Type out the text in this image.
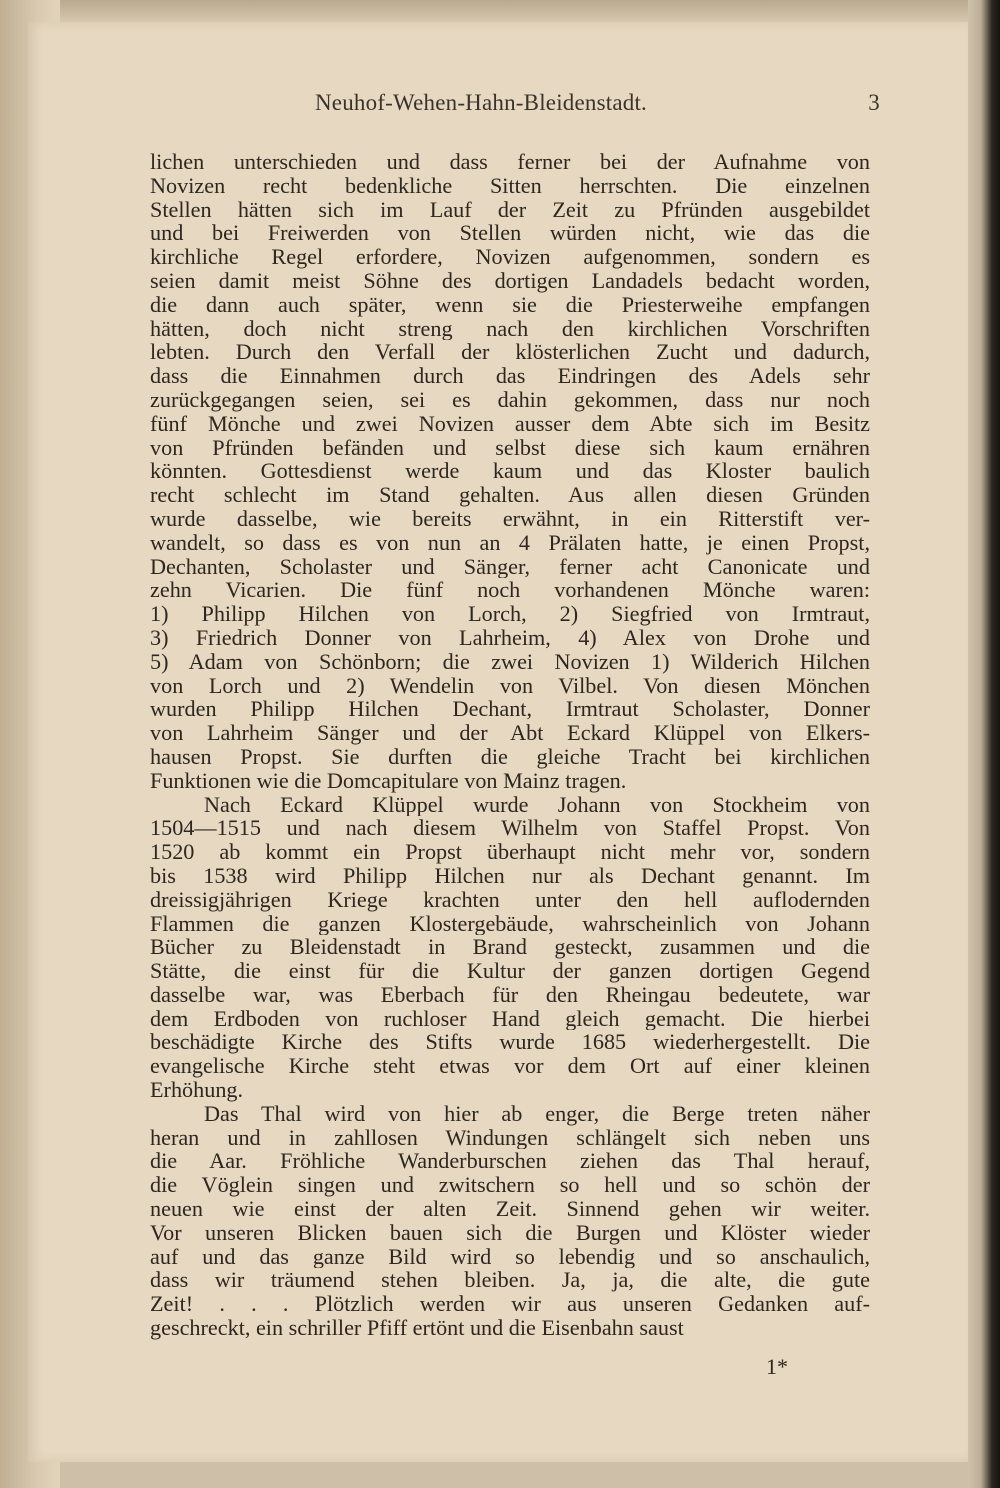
Neuhof-Wehen-Hahn-Bleidenstadt.	3
lichen unterschieden und dass ferner bei der Aufnahme von
Novizen recht bedenkliche Sitten herrschten. Die einzelnen
Stellen hätten sich im Lauf der Zeit zu Pfründen ausgebildet
und bei Freiwerden von Stellen würden nicht, wie das die
kirchliche Regel erfordere, Novizen aufgenommen, sondern es
seien damit meist Söhne des dortigen Landadels bedacht worden,
die dann auch später, wenn sie die Priesterweihe empfangen
hätten, doch nicht streng nach den kirchlichen Vorschriften
lebten. Durch den Verfall der klösterlichen Zucht und dadurch,
dass die Einnahmen durch das Eindringen des Adels sehr
zurückgegangen seien, sei es dahin gekommen, dass nur noch
fünf Mönche und zwei Novizen ausser dem Abte sich im Besitz
von Pfründen befänden und selbst diese sich kaum ernähren
könnten. Gottesdienst werde kaum und das Kloster baulich
recht schlecht im Stand gehalten. Aus allen diesen Gründen
wurde dasselbe, wie bereits erwähnt, in ein Ritterstift ver-
wandelt, so dass es von nun an 4 Prälaten hatte, je einen Propst,
Dechanten, Scholaster und Sänger, ferner acht Canonicate und
zehn Vicarien. Die fünf noch vorhandenen Mönche waren:
1) Philipp Hilchen von Lorch, 2) Siegfried von Irmtraut,
3) Friedrich Donner von Lahrheim, 4) Alex von Drohe und
5) Adam von Schönborn; die zwei Novizen 1) Wilderich Hilchen
von Lorch und 2) Wendelin von Vilbel. Von diesen Mönchen
wurden Philipp Hilchen Dechant, Irmtraut Scholaster, Donner
von Lahrheim Sänger und der Abt Eckard Klüppel von Elkers-
hausen Propst. Sie durften die gleiche Tracht bei kirchlichen
Funktionen wie die Domcapitulare von Mainz tragen.
Nach Eckard Klüppel wurde Johann von Stockheim von
1504—1515 und nach diesem Wilhelm von Staffel Propst. Von
1520 ab kommt ein Propst überhaupt nicht mehr vor, sondern
bis 1538 wird Philipp Hilchen nur als Dechant genannt. Im
dreissigjährigen Kriege krachten unter den hell auflodernden
Flammen die ganzen Klostergebäude, wahrscheinlich von Johann
Bücher zu Bleidenstadt in Brand gesteckt, zusammen und die
Stätte, die einst für die Kultur der ganzen dortigen Gegend
dasselbe war, was Eberbach für den Rheingau bedeutete, war
dem Erdboden von ruchloser Hand gleich gemacht. Die hierbei
beschädigte Kirche des Stifts wurde 1685 wiederhergestellt. Die
evangelische Kirche steht etwas vor dem Ort auf einer kleinen
Erhöhung.
Das Thal wird von hier ab enger, die Berge treten näher
heran und in zahllosen Windungen schlängelt sich neben uns
die Aar. Fröhliche Wanderburschen ziehen das Thal herauf,
die Vöglein singen und zwitschern so hell und so schön der
neuen wie einst der alten Zeit. Sinnend gehen wir weiter.
Vor unseren Blicken bauen sich die Burgen und Klöster wieder
auf und das ganze Bild wird so lebendig und so anschaulich,
dass wir träumend stehen bleiben. Ja, ja, die alte, die gute
Zeit! . . . Plötzlich werden wir aus unseren Gedanken auf-
geschreckt, ein schriller Pfiff ertönt und die Eisenbahn saust
1*
